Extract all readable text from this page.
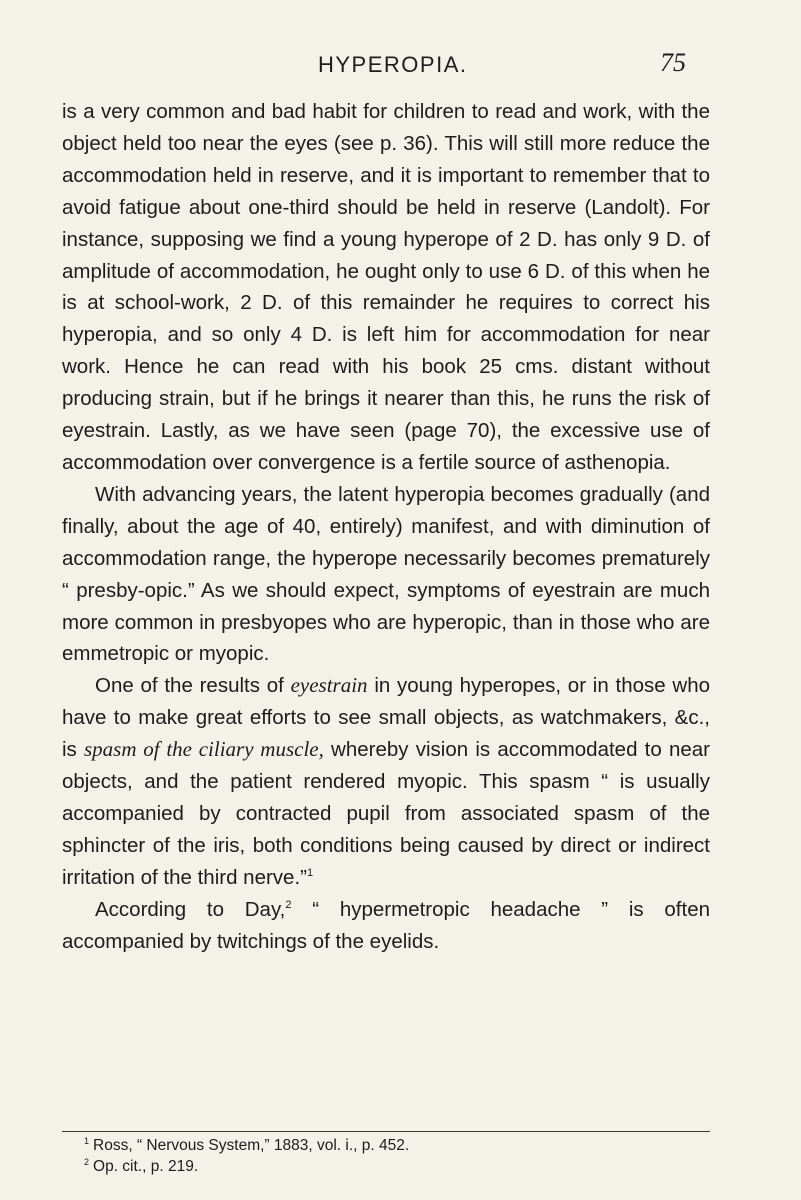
HYPEROPIA.	75

is a very common and bad habit for children to read and work, with the object held too near the eyes (see p. 36). This will still more reduce the accommodation held in reserve, and it is important to remember that to avoid fatigue about one-third should be held in reserve (Landolt). For instance, supposing we find a young hyperope of 2 D. has only 9 D. of amplitude of accommodation, he ought only to use 6 D. of this when he is at school-work, 2 D. of this remainder he requires to correct his hyperopia, and so only 4 D. is left him for accommodation for near work. Hence he can read with his book 25 cms. distant without producing strain, but if he brings it nearer than this, he runs the risk of eyestrain. Lastly, as we have seen (page 70), the excessive use of accommodation over convergence is a fertile source of asthenopia.

With advancing years, the latent hyperopia becomes gradually (and finally, about the age of 40, entirely) manifest, and with diminution of accommodation range, the hyperope necessarily becomes prematurely “ presby-opic.” As we should expect, symptoms of eyestrain are much more common in presbyopes who are hyperopic, than in those who are emmetropic or myopic.

One of the results of eyestrain in young hyperopes, or in those who have to make great efforts to see small objects, as watchmakers, &c., is spasm of the ciliary muscle, whereby vision is accommodated to near objects, and the patient rendered myopic. This spasm “ is usually accompanied by contracted pupil from associated spasm of the sphincter of the iris, both conditions being caused by direct or indirect irritation of the third nerve.”$^1$

According to Day,$^2$ “ hypermetropic headache ” is often accompanied by twitchings of the eyelids.

$^1$ Ross, “ Nervous System,” 1883, vol. i., p. 452.

$^2$ Op. cit., p. 219.
